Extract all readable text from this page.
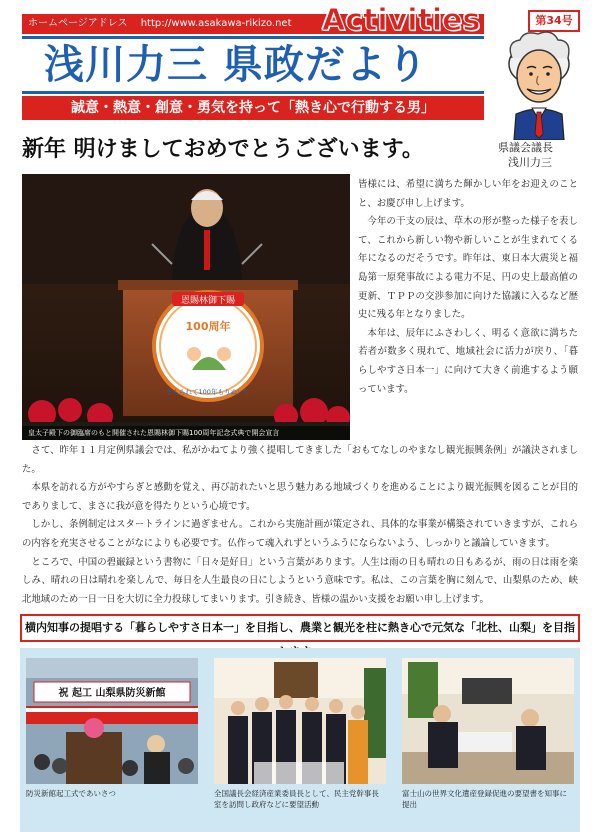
ホームページアドレス http://www.asakawa-rikizo.net	A c t i v i t i e s	第34号
浅川力三 県政だより
誠意・熱意・創意・勇気を持って「熱き心で行動する男」
新年 明けましておめでとうございます。	県議会議長
浅川力三
恩賜林御下賜
100周年
まもられて100年もりぬいて
皇太子殿下の御臨席のもと開催された恩賜林御下賜100周年記念式典で開会宣言

皆様には、希望に満ちた輝かしい年をお迎えのことと、お慶び申し上げます。

今年の干支の辰は、草木の形が整った様子を表して、これから新しい物や新しいことが生まれてくる年になるのだそうです。昨年は、東日本大震災と福島第一原発事故による電力不足、円の史上最高値の更新、ＴＰＰの交渉参加に向けた協議に入るなど歴史に残る年となりました。

本年は、辰年にふさわしく、明るく意欲に満ちた若者が数多く現れて、地域社会に活力が戻り、「暮らしやすさ日本一」に向けて大きく前進するよう願っています。

さて、昨年１１月定例県議会では、私がかねてより強く提唱してきました「おもてなしのやまなし観光振興条例」が議決されました。

本県を訪れる方がやすらぎと感動を覚え、再び訪れたいと思う魅力ある地域づくりを進めることにより観光振興を図ることが目的でありまして、まさに我が意を得たりという心境です。

しかし、条例制定はスタートラインに過ぎません。これから実施計画が策定され、具体的な事業が構築されていきますが、これらの内容を充実させることがなによりも必要です。仏作って魂入れずというふうにならないよう、しっかりと議論していきます。

ところで、中国の碧巌録という書物に「日々是好日」という言葉があります。人生は雨の日も晴れの日もあるが、雨の日は雨を楽しみ、晴れの日は晴れを楽しんで、毎日を人生最良の日にしようという意味です。私は、この言葉を胸に刻んで、山梨県のため、峡北地域のため一日一日を大切に全力投球してまいります。引き続き、皆様の温かい支援をお願い申し上げます。

横内知事の提唱する「暮らしやすさ日本一」を目指し、農業と観光を柱に熱き心で元気な「北杜、山梨」を目指
祝 起工 山梨県防災新館
防災新館起工式であいさつ	全国議長会経済産業委員長として、民主党幹事長室を訪問し政府などに要望活動
富士山の世界文化遺産登録促進の要望書を知事に提出
